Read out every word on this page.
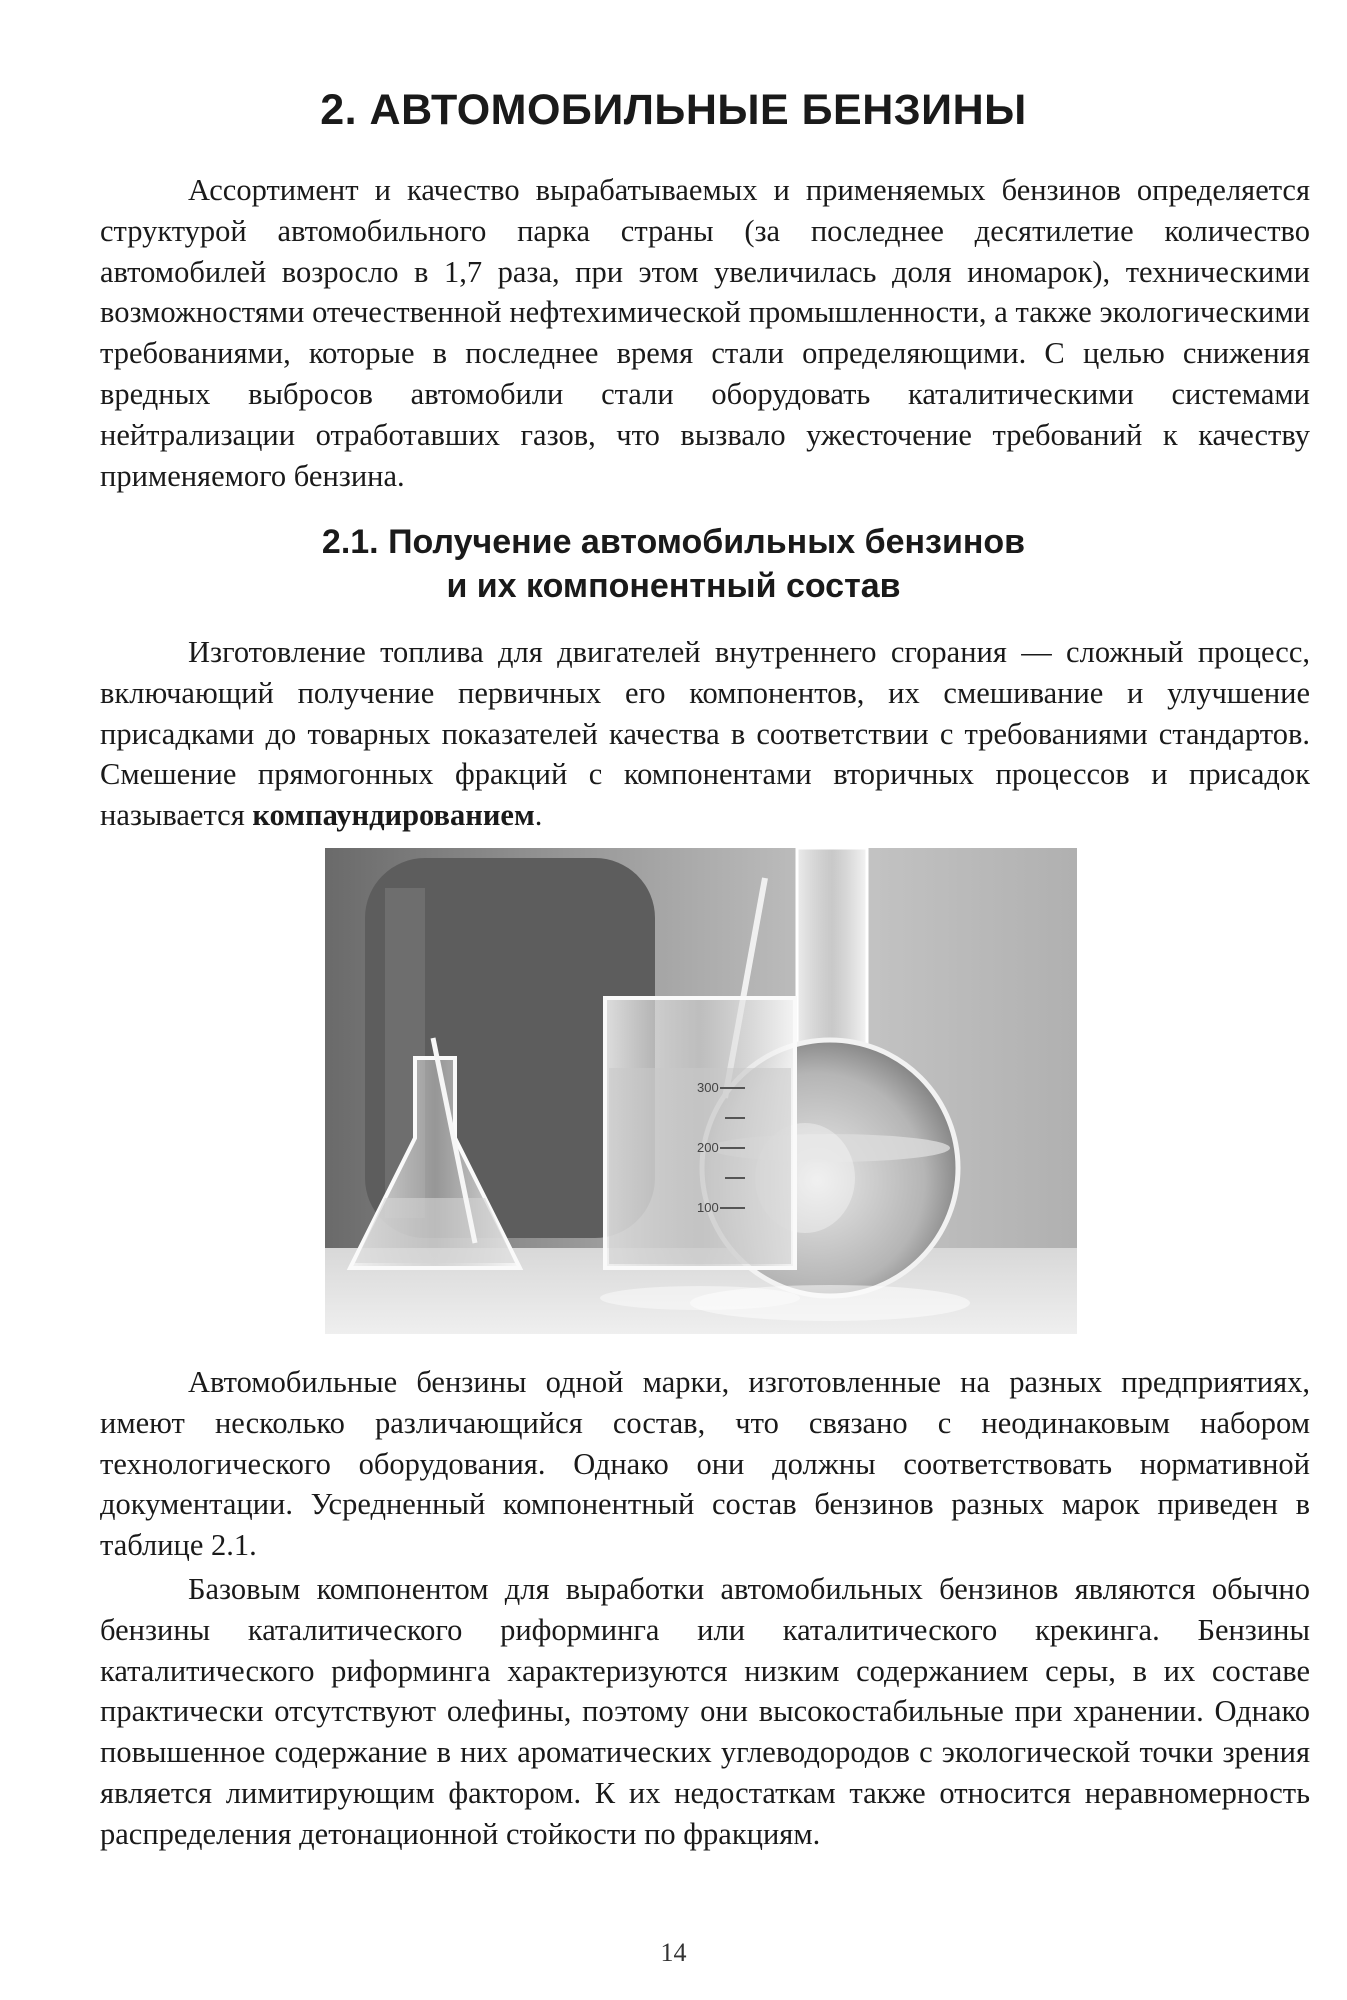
2. АВТОМОБИЛЬНЫЕ БЕНЗИНЫ

Ассортимент и качество вырабатываемых и применяемых бензинов определяется структурой автомобильного парка страны (за последнее десятилетие количество автомобилей возросло в 1,7 раза, при этом увеличилась доля иномарок), техническими возможностями отечественной нефтехимической промышленности, а также экологическими требованиями, которые в последнее время стали определяющими. С целью снижения вредных выбросов автомобили стали оборудовать каталитическими системами нейтрализации отработавших газов, что вызвало ужесточение требований к качеству применяемого бензина.

2.1. Получение автомобильных бензинов
и их компонентный состав

Изготовление топлива для двигателей внутреннего сгорания — сложный процесс, включающий получение первичных его компонентов, их смешивание и улучшение присадками до товарных показателей качества в соответствии с требованиями стандартов. Смешение прямогонных фракций с компонентами вторичных процессов и присадок называется компаундированием.

300
200
100

Автомобильные бензины одной марки, изготовленные на разных предприятиях, имеют несколько различающийся состав, что связано с неодинаковым набором технологического оборудования. Однако они должны соответствовать нормативной документации. Усредненный компонентный состав бензинов разных марок приведен в таблице 2.1.

Базовым компонентом для выработки автомобильных бензинов являются обычно бензины каталитического риформинга или каталитического крекинга. Бензины каталитического риформинга характеризуются низким содержанием серы, в их составе практически отсутствуют олефины, поэтому они высокостабильные при хранении. Однако повышенное содержание в них ароматических углеводородов с экологической точки зрения является лимитирующим фактором. К их недостаткам также относится неравномерность распределения детонационной стойкости по фракциям.

14
